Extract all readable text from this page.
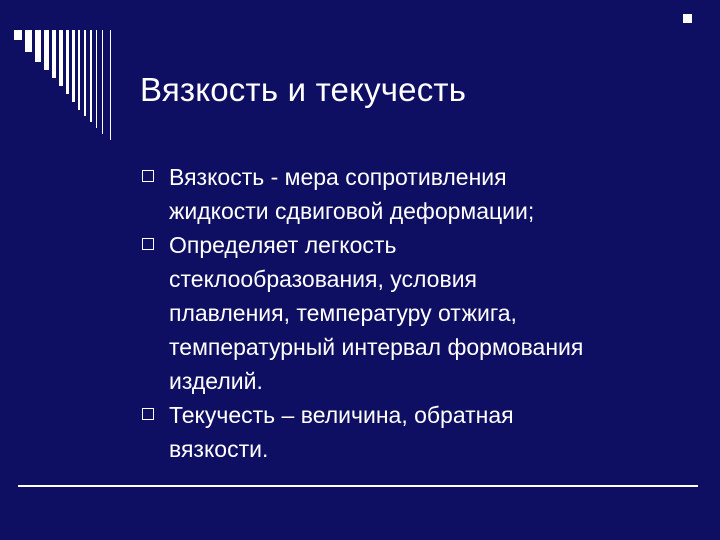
Вязкость и текучесть
Вязкость - мера сопротивления
жидкости сдвиговой деформации;
Определяет легкость
стеклообразования, условия
плавления, температуру отжига,
температурный интервал формования
изделий.
Текучесть – величина, обратная
вязкости.
